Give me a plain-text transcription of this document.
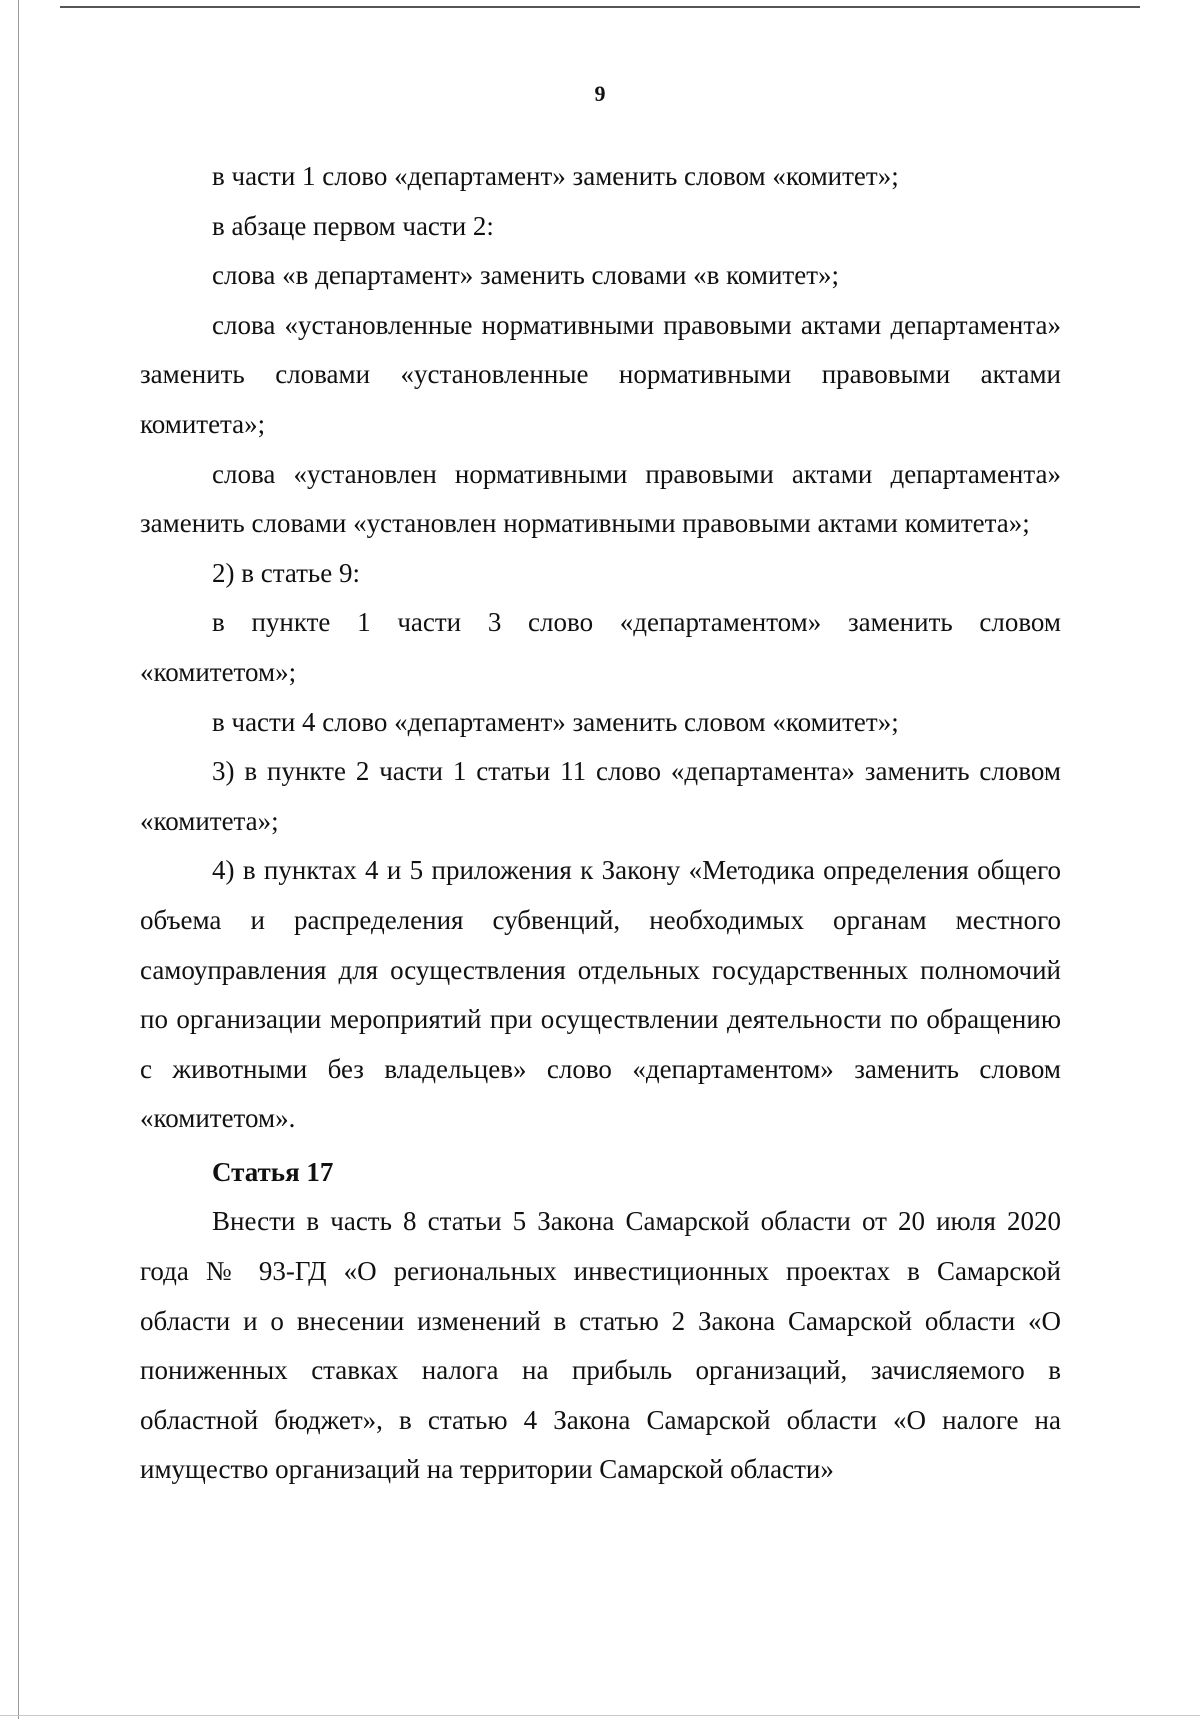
9

в части 1 слово «департамент» заменить словом «комитет»;

в абзаце первом части 2:

слова «в департамент» заменить словами «в комитет»;

слова «установленные нормативными правовыми актами департамента» заменить словами «установленные нормативными правовыми актами комитета»;

слова «установлен нормативными правовыми актами департамента» заменить словами «установлен нормативными правовыми актами комитета»;

2) в статье 9:

в пункте 1 части 3 слово «департаментом» заменить словом «комитетом»;

в части 4 слово «департамент» заменить словом «комитет»;

3) в пункте 2 части 1 статьи 11 слово «департамента» заменить словом «комитета»;

4) в пунктах 4 и 5 приложения к Закону «Методика определения общего объема и распределения субвенций, необходимых органам местного самоуправления для осуществления отдельных государственных полномочий по организации мероприятий при осуществлении деятельности по обращению с животными без владельцев» слово «департаментом» заменить словом «комитетом».

Статья 17

Внести в часть 8 статьи 5 Закона Самарской области от 20 июля 2020 года № 93-ГД «О региональных инвестиционных проектах в Самарской области и о внесении изменений в статью 2 Закона Самарской области «О пониженных ставках налога на прибыль организаций, зачисляемого в областной бюджет», в статью 4 Закона Самарской области «О налоге на имущество организаций на территории Самарской области»
